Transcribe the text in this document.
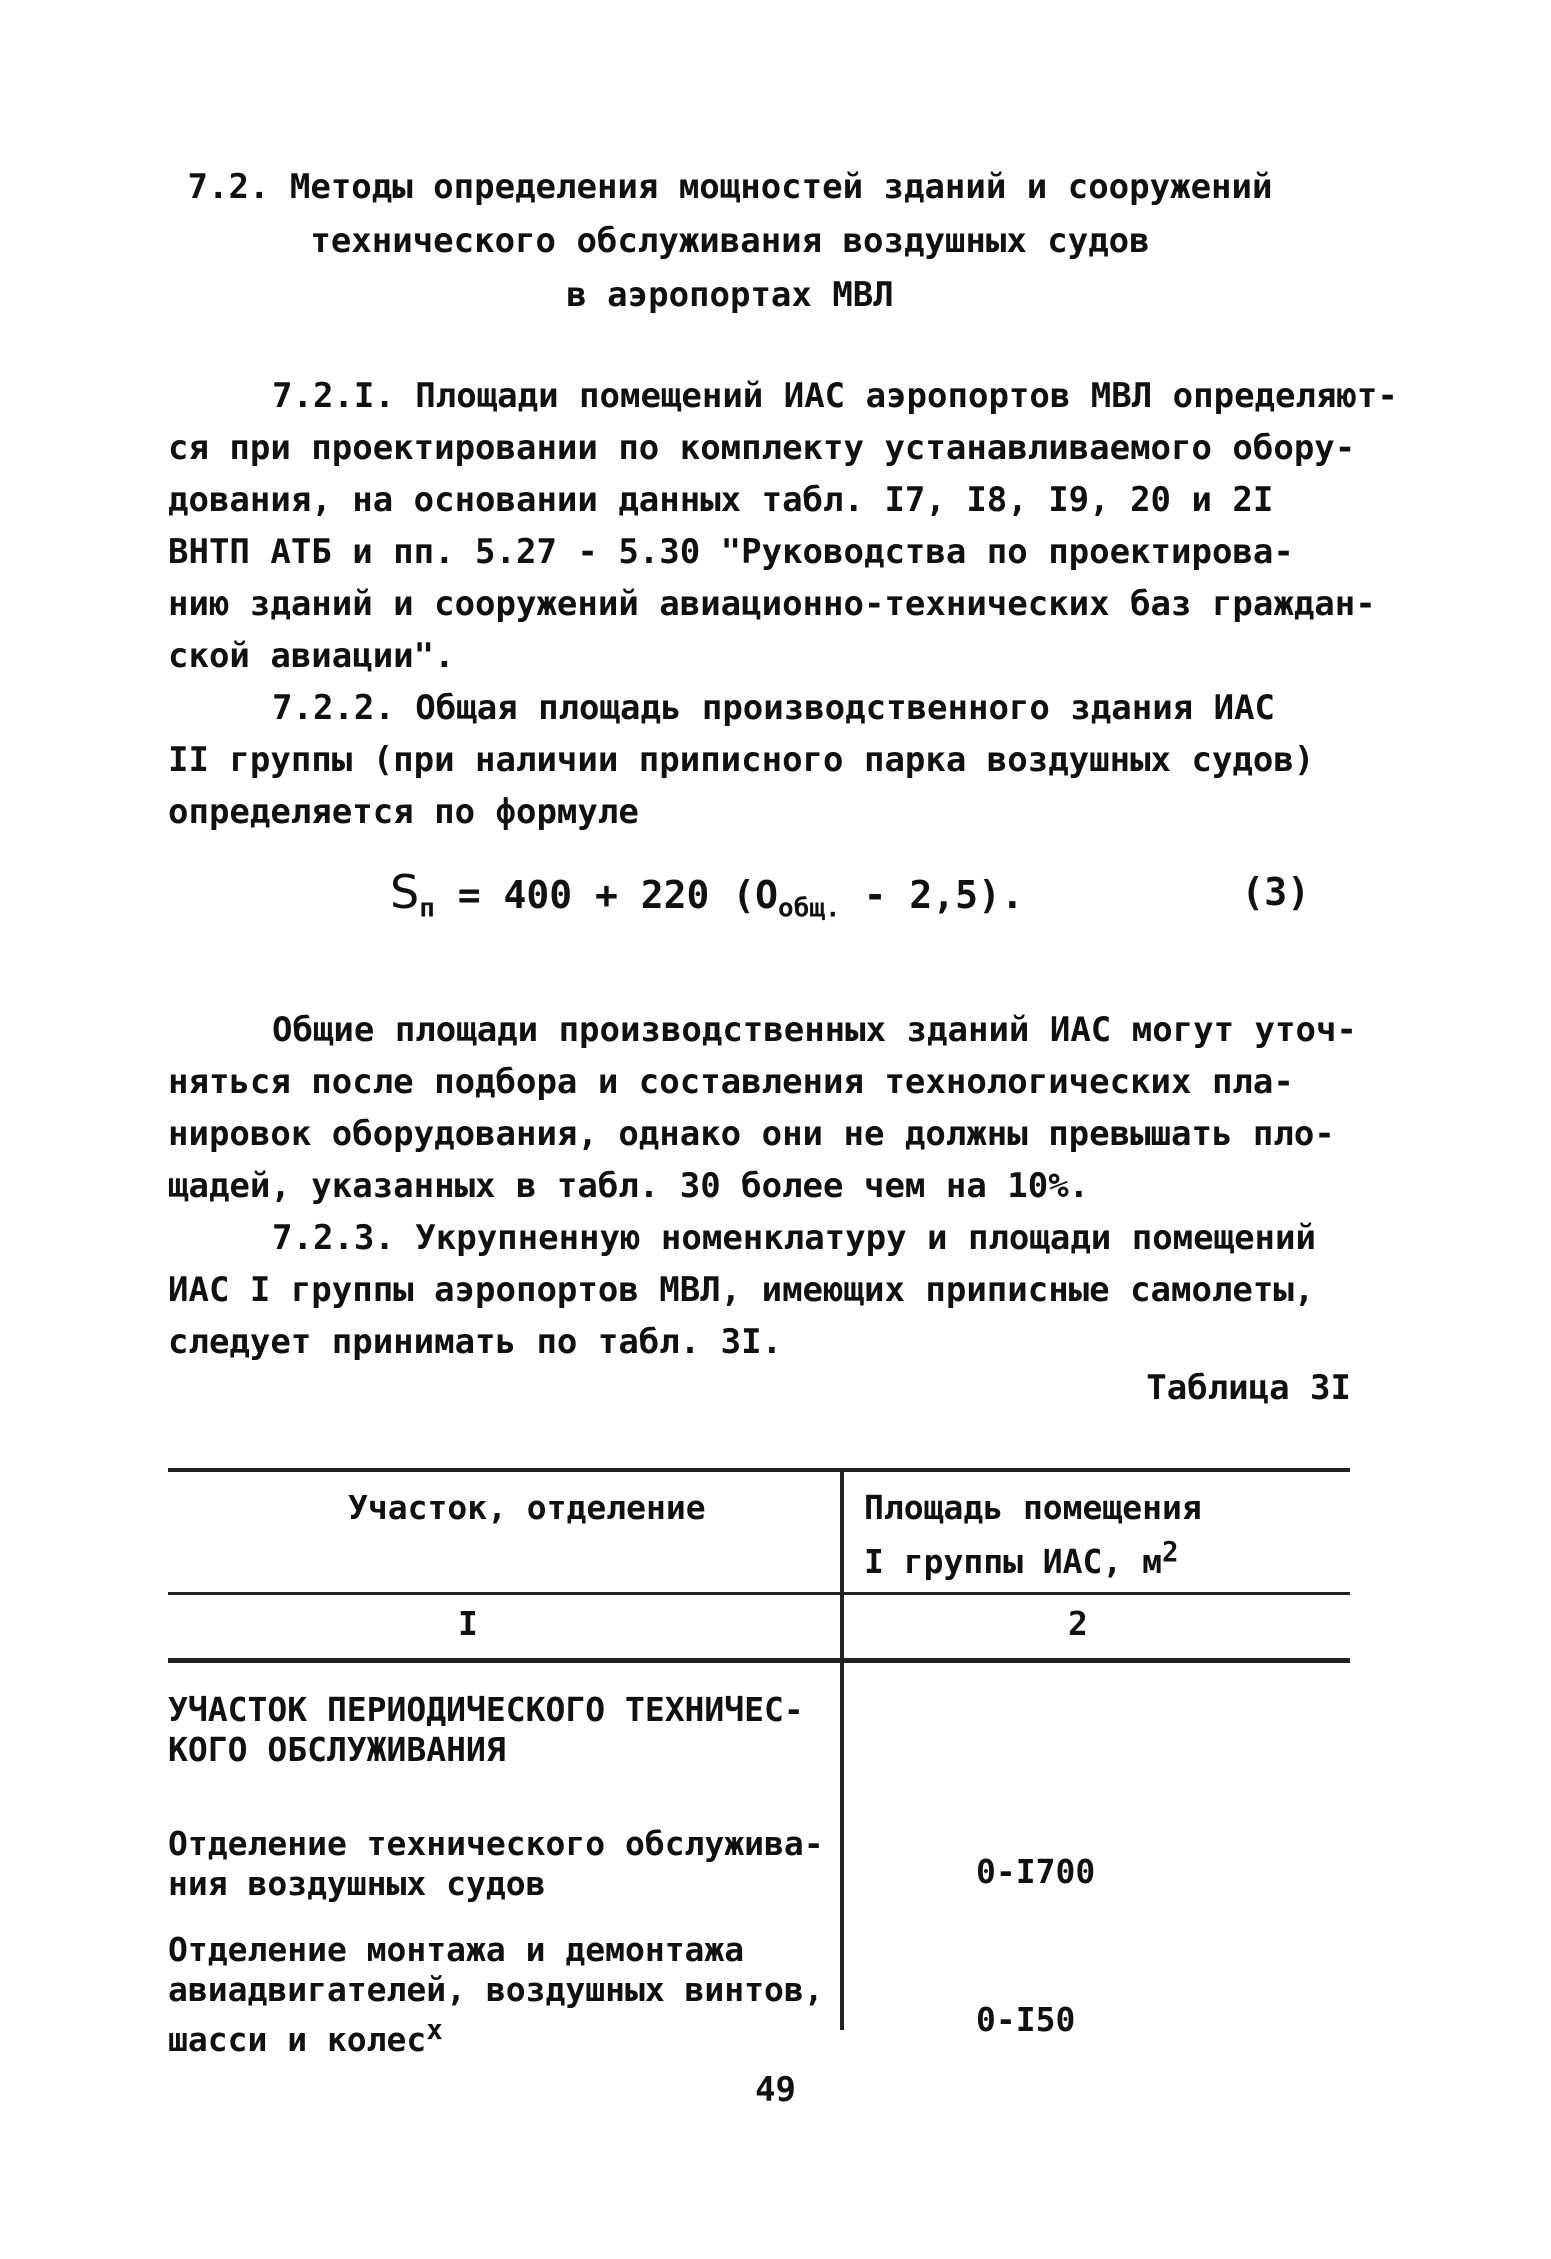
7.2. Методы определения мощностей зданий и сооружений
технического обслуживания воздушных судов
в аэропортах МВЛ
7.2.I. Площади помещений ИАС аэропортов МВЛ определяют-
ся при проектировании по комплекту устанавливаемого обору-
дования, на основании данных табл. I7, I8, I9, 20 и 2I
ВНТП АТБ и пп. 5.27 - 5.30 "Руководства по проектирова-
нию зданий и сооружений авиационно-технических баз граждан-
ской авиации".
7.2.2. Общая площадь производственного здания ИАС
II группы (при наличии приписного парка воздушных судов)
определяется по формуле
$S_п = 400 + 220$ $(O_{общ.} - 2,5)$.	(3)
Общие площади производственных зданий ИАС могут уточ-
няться после подбора и составления технологических пла-
нировок оборудования, однако они не должны превышать пло-
щадей, указанных в табл. 30 более чем на 10%.
7.2.3. Укрупненную номенклатуру и площади помещений
ИАС I группы аэропортов МВЛ, имеющих приписные самолеты,
следует принимать по табл. 3I.
Таблица 3I
Участок, отделение	Площадь помещения
I группы ИАС, $м^2$
I	2
УЧАСТОК ПЕРИОДИЧЕСКОГО ТЕХНИЧЕС-
КОГО ОБСЛУЖИВАНИЯ
Отделение технического обслужива-
ния воздушных судов	0-I700
Отделение монтажа и демонтажа
авиадвигателей, воздушных винтов,
шасси и колес$^х$	0-I50
49
